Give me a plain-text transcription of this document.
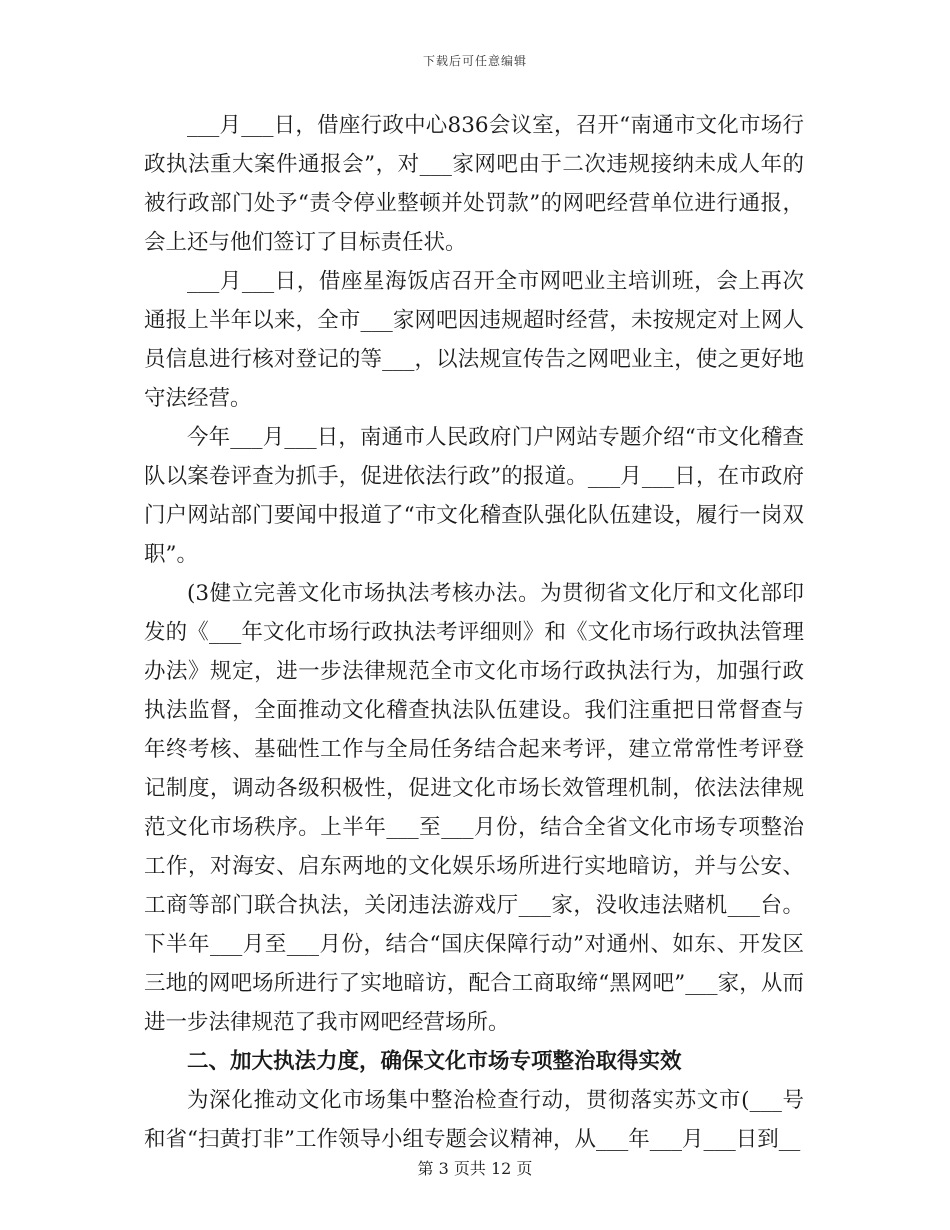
下载后可任意编辑

___月___日，借座行政中心836会议室，召开“南通市文化市场行政执法重大案件通报会”，对___家网吧由于二次违规接纳未成人年的被行政部门处予“责令停业整顿并处罚款”的网吧经营单位进行通报，会上还与他们签订了目标责任状。

___月___日，借座星海饭店召开全市网吧业主培训班，会上再次通报上半年以来，全市___家网吧因违规超时经营，未按规定对上网人员信息进行核对登记的等___，以法规宣传告之网吧业主，使之更好地守法经营。

今年___月___日，南通市人民政府门户网站专题介绍“市文化稽查队以案卷评查为抓手，促进依法行政”的报道。___月___日，在市政府门户网站部门要闻中报道了“市文化稽查队强化队伍建设，履行一岗双职”。

(3健立完善文化市场执法考核办法。为贯彻省文化厅和文化部印发的《___年文化市场行政执法考评细则》和《文化市场行政执法管理办法》规定，进一步法律规范全市文化市场行政执法行为，加强行政执法监督，全面推动文化稽查执法队伍建设。我们注重把日常督查与年终考核、基础性工作与全局任务结合起来考评，建立常常性考评登记制度，调动各级积极性，促进文化市场长效管理机制，依法法律规范文化市场秩序。上半年___至___月份，结合全省文化市场专项整治工作，对海安、启东两地的文化娱乐场所进行实地暗访，并与公安、工商等部门联合执法，关闭违法游戏厅___家，没收违法赌机___台。下半年___月至___月份，结合“国庆保障行动”对通州、如东、开发区三地的网吧场所进行了实地暗访，配合工商取缔“黑网吧”___家，从而进一步法律规范了我市网吧经营场所。

二、加大执法力度，确保文化市场专项整治取得实效

为深化推动文化市场集中整治检查行动，贯彻落实苏文市(___号和省“扫黄打非”工作领导小组专题会议精神，从___年___月___日到__

第 3 页共 12 页
